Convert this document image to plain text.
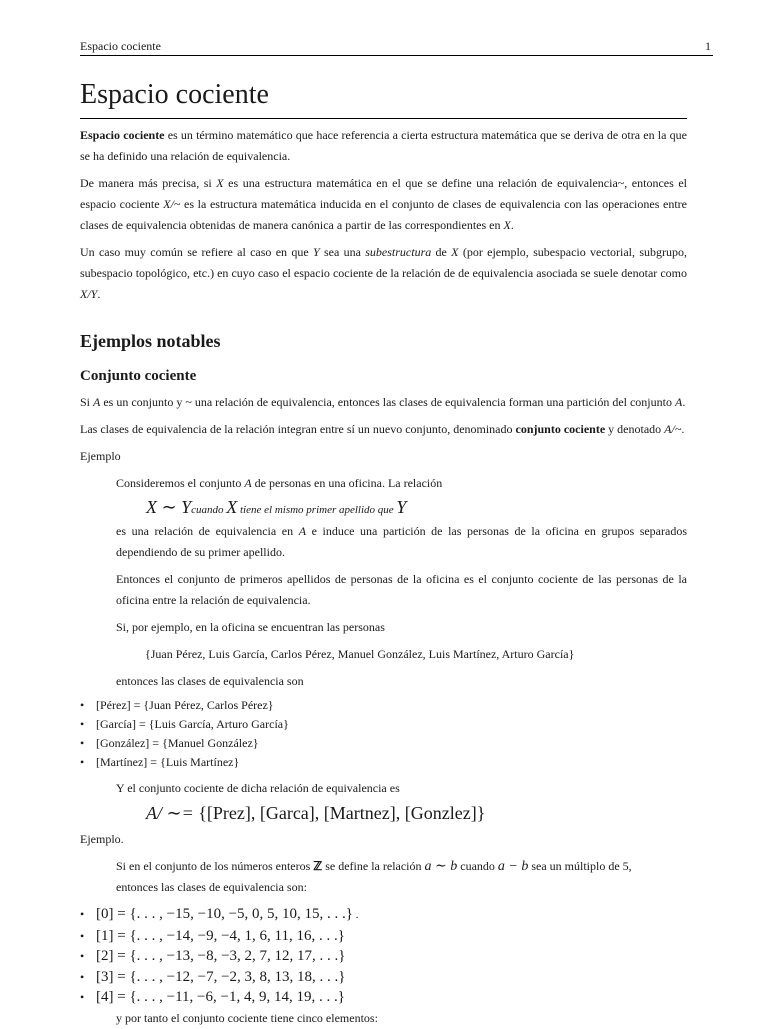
Espacio cociente	1
Espacio cociente

Espacio cociente es un término matemático que hace referencia a cierta estructura matemática que se deriva de otra en la que se ha definido una relación de equivalencia.

De manera más precisa, si X es una estructura matemática en el que se define una relación de equivalencia~, entonces el espacio cociente X/~ es la estructura matemática inducida en el conjunto de clases de equivalencia con las operaciones entre clases de equivalencia obtenidas de manera canónica a partir de las correspondientes en X.

Un caso muy común se refiere al caso en que Y sea una subestructura de X (por ejemplo, subespacio vectorial, subgrupo, subespacio topológico, etc.) en cuyo caso el espacio cociente de la relación de de equivalencia asociada se suele denotar como X/Y.

Ejemplos notables
Conjunto cociente

Si A es un conjunto y ~ una relación de equivalencia, entonces las clases de equivalencia forman una partición del conjunto A.

Las clases de equivalencia de la relación integran entre sí un nuevo conjunto, denominado conjunto cociente y denotado A/~.

Ejemplo

Consideremos el conjunto A de personas en una oficina. La relación

X ∼ Ycuando X tiene el mismo primer apellido que Y

es una relación de equivalencia en A e induce una partición de las personas de la oficina en grupos separados dependiendo de su primer apellido.

Entonces el conjunto de primeros apellidos de personas de la oficina es el conjunto cociente de las personas de la oficina entre la relación de equivalencia.

Si, por ejemplo, en la oficina se encuentran las personas

{Juan Pérez, Luis García, Carlos Pérez, Manuel González, Luis Martínez, Arturo García}

entonces las clases de equivalencia son

• [Pérez] = {Juan Pérez, Carlos Pérez}
• [García] = {Luis García, Arturo García}
• [González] = {Manuel González}
• [Martínez] = {Luis Martínez}

Y el conjunto cociente de dicha relación de equivalencia es

A/ ∼= {[Prez], [Garca], [Martnez], [Gonzlez]}

Ejemplo.

Si en el conjunto de los números enteros ℤ se define la relación a ∼ b cuando a − b sea un múltiplo de 5,

entonces las clases de equivalencia son:

• [0] = {. . . , −15, −10, −5, 0, 5, 10, 15, . . .} .
• [1] = {. . . , −14, −9, −4, 1, 6, 11, 16, . . .}
• [2] = {. . . , −13, −8, −3, 2, 7, 12, 17, . . .}
• [3] = {. . . , −12, −7, −2, 3, 8, 13, 18, . . .}
• [4] = {. . . , −11, −6, −1, 4, 9, 14, 19, . . .}

y por tanto el conjunto cociente tiene cinco elementos:
